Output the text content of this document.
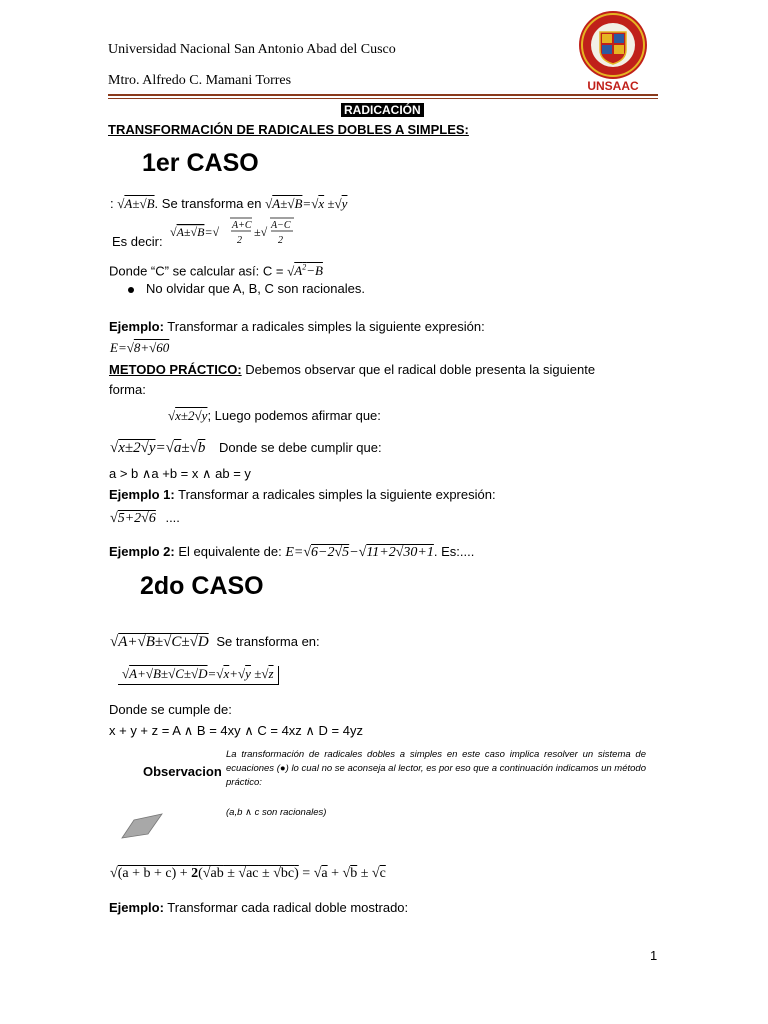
Universidad Nacional San Antonio Abad del Cusco
Mtro. Alfredo C. Mamani Torres	UNSAAC
RADICACIÓN
TRANSFORMACIÓN DE RADICALES DOBLES A SIMPLES:
1er CASO
: √A±√B. Se transforma en √A±√B=√x ±√y
Es decir:
√A±√B=√ A+C
2
±√ A−C
2
Donde “C” se calcular así: $C = √A^2-B$
No olvidar que A, B, C son racionales.
Ejemplo: Transformar a radicales simples la siguiente expresión:
E=√8+√60
METODO PRÁCTICO: Debemos observar que el radical doble presenta la siguiente
forma:
√x±2√y; Luego podemos afirmar que:
√x±2√y=√a±√b Donde se debe cumplir que:
a > b ∧a +b = x ∧ ab = y
Ejemplo 1: Transformar a radicales simples la siguiente expresión:
√5+2√6 ....
Ejemplo 2: El equivalente de: E=√6−2√5−√11+2√30+1. Es:....
2do CASO
√A+√B±√C±√D Se transforma en:
√A+√B±√C±√D=√x+√y ±√z
Donde se cumple de:
x + y + z = A ∧ B = 4xy ∧ C = 4xz ∧ D = 4yz
Observacion
La transformación de radicales dobles a simples en este caso implica resolver un sistema de ecuaciones (●) lo cual no se aconseja al lector, es por eso que a continuación indicamos un método práctico:
(a,b ∧ c son racionales)
√(a + b + c) + 2(√ab ± √ac ± √bc) = √a + √b ± √c
Ejemplo: Transformar cada radical doble mostrado:
1
